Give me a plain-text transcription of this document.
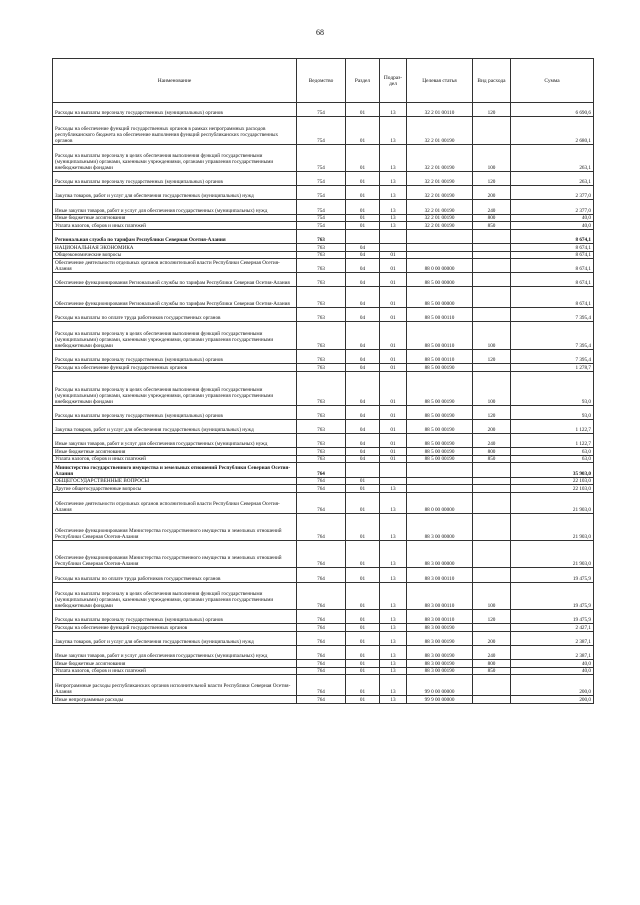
68
Наименование	Ведомство	Раздел	Подраз-дел	Целевая статья	Вид расхода	Сумма
Расходы на выплаты персоналу государственных (муниципальных) органов	754	01	13	32 2 01 00110	120	6 690,6
Расходы на обеспечение функций государственных органов в рамках непрограммных расходов республиканского бюджета на обеспечение выполнения функций республиканских государственных органов	754	01	13	32 2 01 00190		2 680,1
Расходы на выплаты персоналу в целях обеспечения выполнения функций государственными (муниципальными) органами, казенными учреждениями, органами управления государственными внебюджетными фондами	754	01	13	32 2 01 00190	100	263,1
Расходы на выплаты персоналу государственных (муниципальных) органов	754	01	13	32 2 01 00190	120	263,1
Закупка товаров, работ и услуг для обеспечения государственных (муниципальных) нужд	754	01	13	32 2 01 00190	200	2 377,0
Иные закупки товаров, работ и услуг для обеспечения государственных (муниципальных) нужд	754	01	13	32 2 01 00190	240	2 377,0
Иные бюджетные ассигнования	754	01	13	32 2 01 00190	800	40,0
Уплата налогов, сборов и иных платежей	754	01	13	32 2 01 00190	850	40,0
Региональная служба по тарифам Республики Северная Осетия-Алания	763					8 674,1
НАЦИОНАЛЬНАЯ ЭКОНОМИКА	763	04				8 674,1
Общеэкономические вопросы	763	04	01			8 674,1
Обеспечение деятельности отдельных органов исполнительной власти Республики Северная Осетия-Алания	763	04	01	88 0 00 00000		8 674,1
Обеспечение функционирования Региональной службы по тарифам Республики Северная Осетия-Алания	763	04	01	88 5 00 00000		8 674,1
Обеспечение функционирования Региональной службы по тарифам Республики Северная Осетия-Алания	763	04	01	88 5 00 00000		8 674,1
Расходы на выплаты по оплате труда работников государственных органов	763	04	01	88 5 00 00110		7 395,4
Расходы на выплаты персоналу в целях обеспечения выполнения функций государственными (муниципальными) органами, казенными учреждениями, органами управления государственными внебюджетными фондами	763	04	01	88 5 00 00110	100	7 395,4
Расходы на выплаты персоналу государственных (муниципальных) органов	763	04	01	88 5 00 00110	120	7 395,4
Расходы на обеспечение функций государственных органов	763	04	01	88 5 00 00190		1 278,7
Расходы на выплаты персоналу в целях обеспечения выполнения функций государственными (муниципальными) органами, казенными учреждениями, органами управления государственными внебюджетными фондами	763	04	01	88 5 00 00190	100	93,0
Расходы на выплаты персоналу государственных (муниципальных) органов	763	04	01	88 5 00 00190	120	93,0
Закупка товаров, работ и услуг для обеспечения государственных (муниципальных) нужд	763	04	01	88 5 00 00190	200	1 122,7
Иные закупки товаров, работ и услуг для обеспечения государственных (муниципальных) нужд	763	04	01	88 5 00 00190	240	1 122,7
Иные бюджетные ассигнования	763	04	01	88 5 00 00190	800	63,0
Уплата налогов, сборов и иных платежей	763	04	01	88 5 00 00190	850	63,0
Министерство государственного имущества и земельных отношений Республики Северная Осетия-Алания	764					35 903,0
ОБЩЕГОСУДАРСТВЕННЫЕ ВОПРОСЫ	764	01				22 103,0
Другие общегосударственные вопросы	764	01	13			22 103,0
Обеспечение деятельности отдельных органов исполнительной власти Республики Северная Осетия-Алания	764	01	13	88 0 00 00000		21 903,0
Обеспечение функционирования Министерства государственного имущества и земельных отношений Республики Северная Осетия-Алания	764	01	13	88 3 00 00000		21 903,0
Обеспечение функционирования Министерства государственного имущества и земельных отношений Республики Северная Осетия-Алания	764	01	13	88 3 00 00000		21 903,0
Расходы на выплаты по оплате труда работников государственных органов	764	01	13	88 3 00 00110		19 475,9
Расходы на выплаты персоналу в целях обеспечения выполнения функций государственными (муниципальными) органами, казенными учреждениями, органами управления государственными внебюджетными фондами	764	01	13	88 3 00 00110	100	19 475,9
Расходы на выплаты персоналу государственных (муниципальных) органов	764	01	13	88 3 00 00110	120	19 475,9
Расходы на обеспечение функций государственных органов	764	01	13	88 3 00 00190		2 427,1
Закупка товаров, работ и услуг для обеспечения государственных (муниципальных) нужд	764	01	13	88 3 00 00190	200	2 387,1
Иные закупки товаров, работ и услуг для обеспечения государственных (муниципальных) нужд	764	01	13	88 3 00 00190	240	2 387,1
Иные бюджетные ассигнования	764	01	13	88 3 00 00190	800	40,0
Уплата налогов, сборов и иных платежей	764	01	13	88 3 00 00190	850	40,0
Непрограммные расходы республиканских органов исполнительной власти Республики Северная Осетия-Алания	764	01	13	99 0 00 00000		200,0
Иные непрограммные расходы	764	01	13	99 9 00 00000		200,0
